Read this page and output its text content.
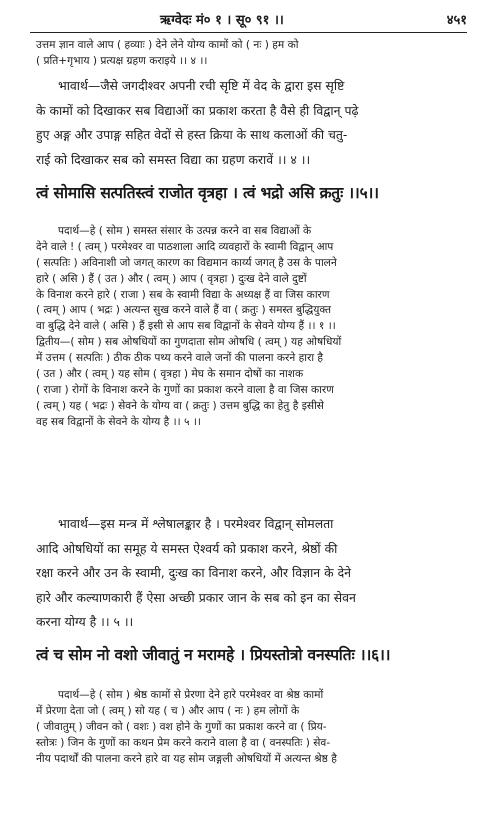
ऋग्वेदः मं० १ । सू० ९१ ।।	४५१
उत्तम ज्ञान वाले आप ( हव्याः ) देने लेने योग्य कामों को ( नः ) हम को
( प्रति+गृभाय ) प्रत्यक्ष ग्रहण कराइये ।। ४ ।।
भावार्थ—जैसे जगदीश्वर अपनी रची सृष्टि में वेद के द्वारा इस सृष्टि
के कामों को दिखाकर सब विद्याओं का प्रकाश करता है वैसे ही विद्वान् पढ़े
हुए अङ्ग और उपाङ्ग सहित वेदों से हस्त क्रिया के साथ कलाओं की चतु-
राई को दिखाकर सब को समस्त विद्या का ग्रहण करावें ।। ४ ।।
त्वं सोमासि सत्पतिस्त्वं राजोत वृत्रहा । त्वं भद्रो असि क्रतुः ।।५।।
पदार्थ—हे ( सोम ) समस्त संसार के उत्पन्न करने वा सब विद्याओं के
देने वाले ! ( त्वम् ) परमेश्वर वा पाठशाला आदि व्यवहारों के स्वामी विद्वान् आप
( सत्पतिः ) अविनाशी जो जगत् कारण का विद्यमान कार्य्य जगत् है उस के पालने
हारे ( असि ) हैं ( उत ) और ( त्वम् ) आप ( वृत्रहा ) दुःख देने वाले दुष्टों
के विनाश करने हारे ( राजा ) सब के स्वामी विद्या के अध्यक्ष हैं वा जिस कारण
( त्वम् ) आप ( भद्रः ) अत्यन्त सुख करने वाले हैं वा ( क्रतुः ) समस्त बुद्धियुक्त
वा बुद्धि देने वाले ( असि ) हैं इसी से आप सब विद्वानों के सेवने योग्य हैं ।। १ ।।
द्वितीय—( सोम ) सब ओषधियों का गुणदाता सोम ओषधि ( त्वम् ) यह ओषधियों
में उत्तम ( सत्पतिः ) ठीक ठीक पथ्य करने वाले जनों की पालना करने हारा है
( उत ) और ( त्वम् ) यह सोम ( वृत्रहा ) मेघ के समान दोषों का नाशक
( राजा ) रोगों के विनाश करने के गुणों का प्रकाश करने वाला है वा जिस कारण
( त्वम् ) यह ( भद्रः ) सेवने के योग्य वा ( क्रतुः ) उत्तम बुद्धि का हेतु है इसीसे
वह सब विद्वानों के सेवने के योग्य है ।। ५ ।।
भावार्थ—इस मन्त्र में श्लेषालङ्कार है । परमेश्वर विद्वान् सोमलता
आदि ओषधियों का समूह ये समस्त ऐश्वर्य को प्रकाश करने, श्रेष्ठों की
रक्षा करने और उन के स्वामी, दुःख का विनाश करने, और विज्ञान के देने
हारे और कल्याणकारी हैं ऐसा अच्छी प्रकार जान के सब को इन का सेवन
करना योग्य है ।। ५ ।।
त्वं च सोम नो वशो जीवातुं न मरामहे । प्रियस्तोत्रो वनस्पतिः ।।६।।
पदार्थ—हे ( सोम ) श्रेष्ठ कामों से प्रेरणा देने हारे परमेश्वर वा श्रेष्ठ कामों
में प्रेरणा देता जो ( त्वम् ) सो यह ( च ) और आप ( नः ) हम लोगों के
( जीवातुम् ) जीवन को ( वशः ) वश होने के गुणों का प्रकाश करने वा ( प्रिय-
स्तोत्रः ) जिन के गुणों का कथन प्रेम करने कराने वाला है वा ( वनस्पतिः ) सेव-
नीय पदार्थों की पालना करने हारे वा यह सोम जङ्गली ओषधियों में अत्यन्त श्रेष्ठ है
